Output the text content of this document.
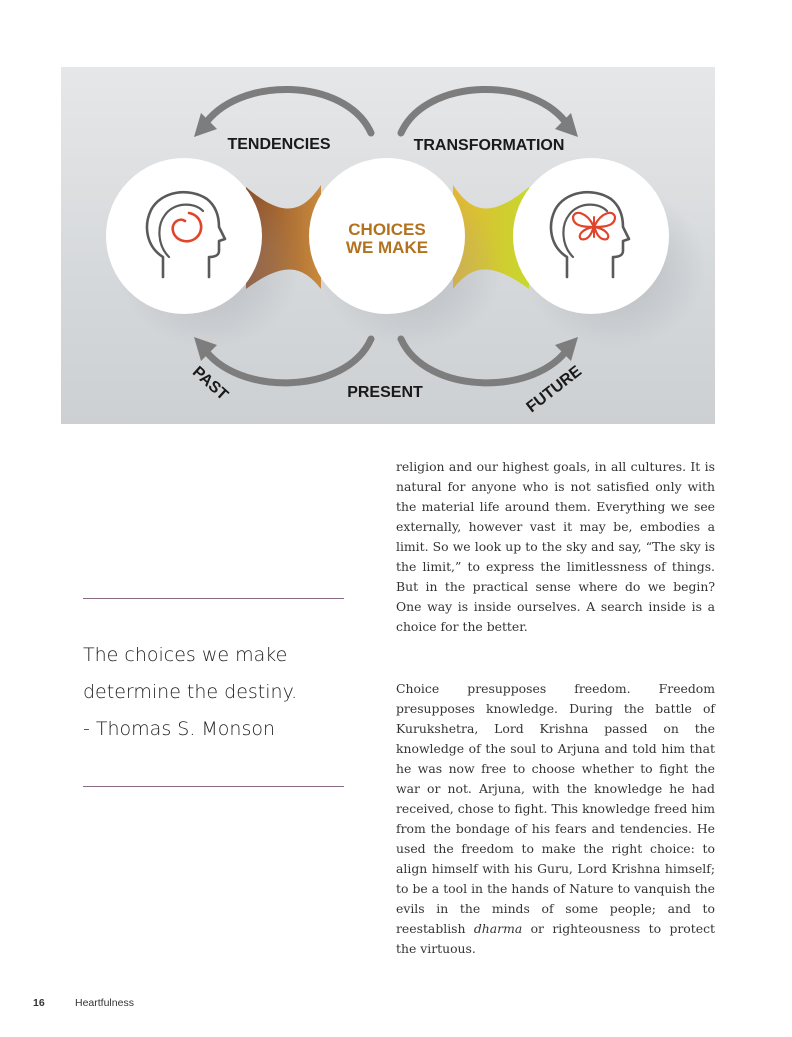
TENDENCIES	TRANSFORMATION
PRESENT
PAST	FUTURE
CHOICES
WE MAKE
The choices we make
determine the destiny.
- Thomas S. Monson

religion and our highest goals, in all cultures. It is natural for anyone who is not satisfied only with the material life around them. Everything we see externally, however vast it may be, embodies a limit. So we look up to the sky and say, “The sky is the limit,” to express the limitlessness of things. But in the practical sense where do we begin? One way is inside ourselves. A search inside is a choice for the better.

Choice presupposes freedom. Freedom presupposes knowledge. During the battle of Kurukshetra, Lord Krishna passed on the knowledge of the soul to Arjuna and told him that he was now free to choose whether to fight the war or not. Arjuna, with the knowledge he had received, chose to fight. This knowledge freed him from the bondage of his fears and tendencies. He used the freedom to make the right choice: to align himself with his Guru, Lord Krishna himself; to be a tool in the hands of Nature to vanquish the evils in the minds of some people; and to reestablish dharma or righteousness to protect the virtuous.

16	Heartfulness
